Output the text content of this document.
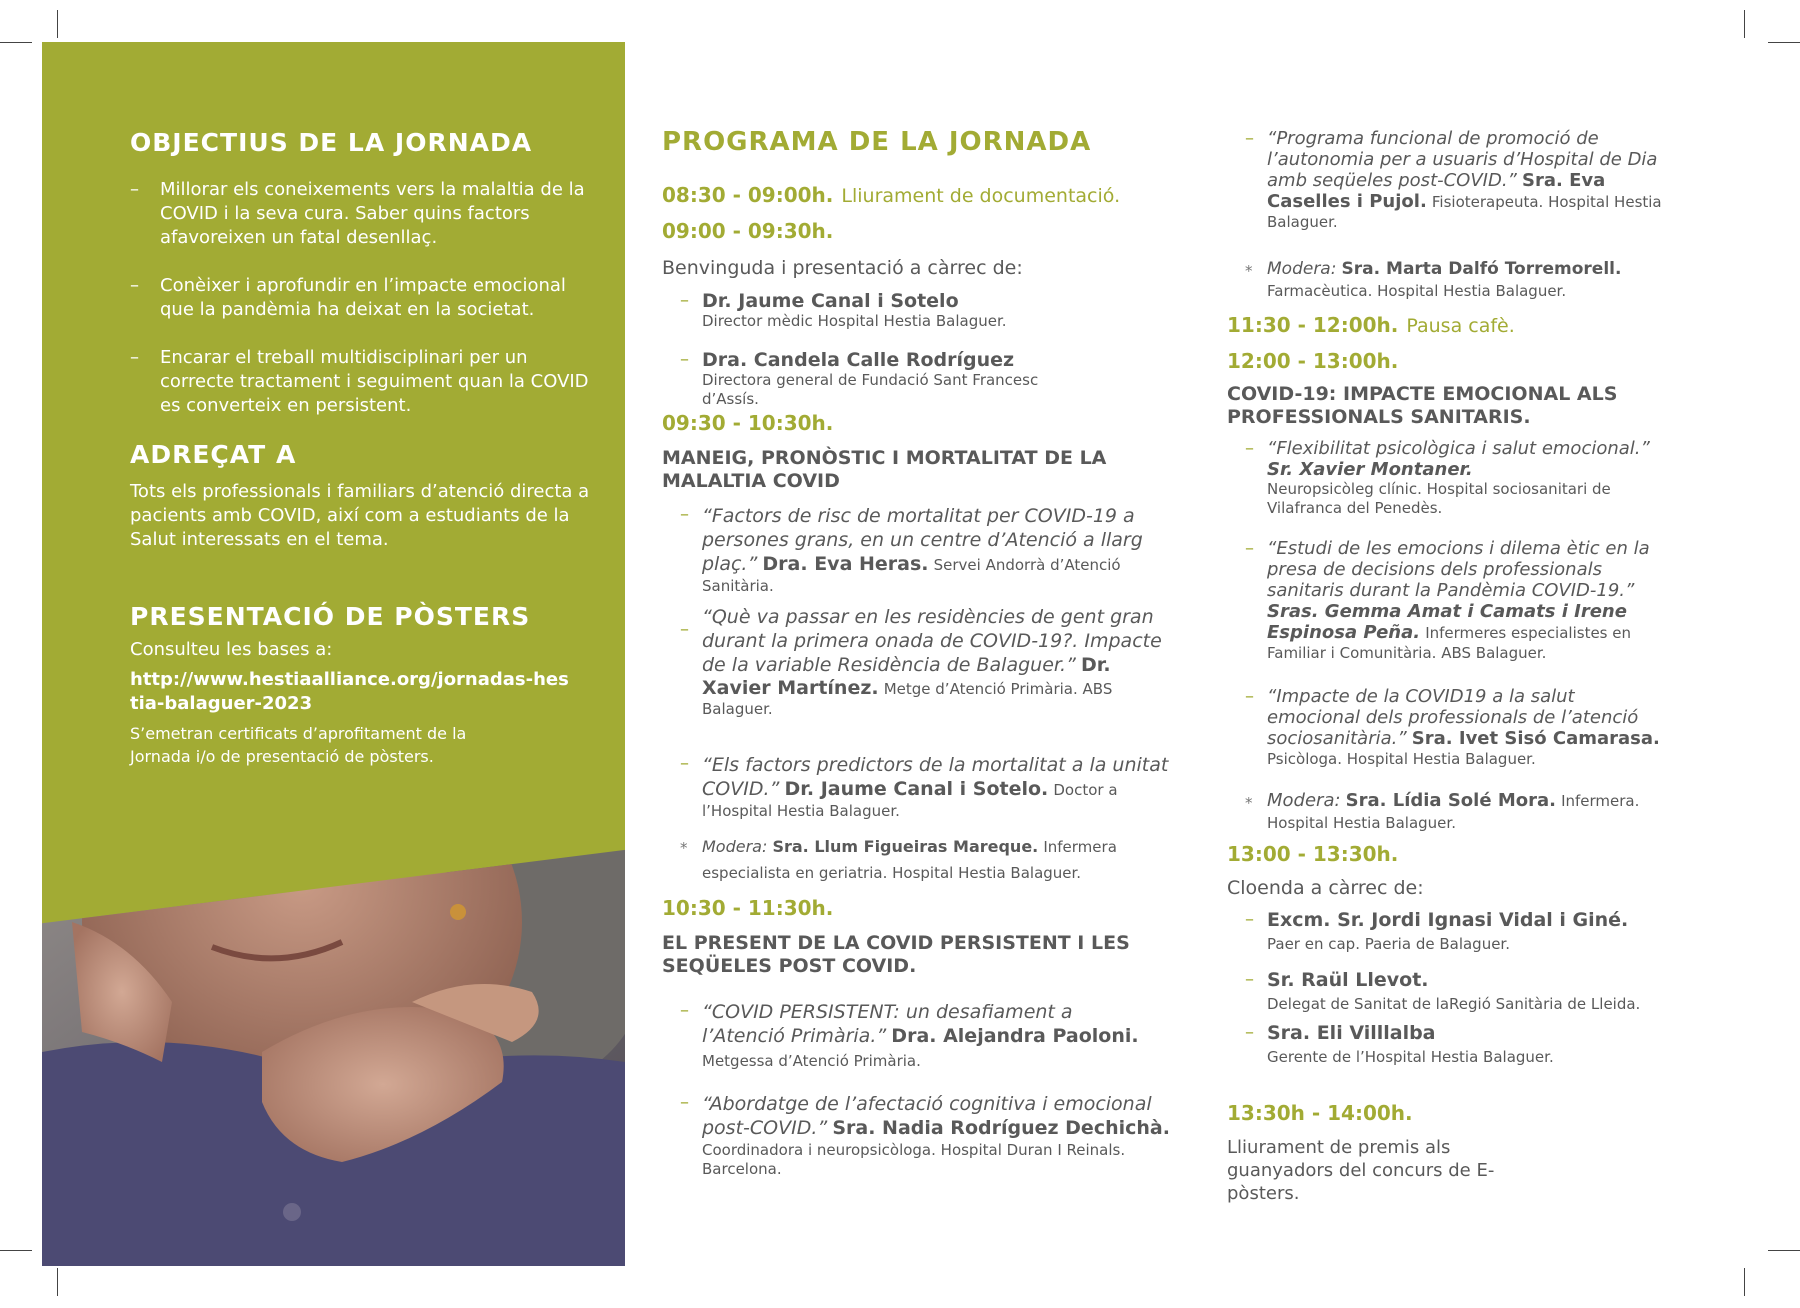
OBJECTIUS DE LA JORNADA
– Millorar els coneixements vers la malaltia de la COVID i la seva cura. Saber quins factors afavoreixen un fatal desenllaç.
– Conèixer i aprofundir en l’impacte emocional que la pandèmia ha deixat en la societat.
– Encarar el treball multidisciplinari per un correcte tractament i seguiment quan la COVID es converteix en persistent.
ADREÇAT A
Tots els professionals i familiars d’atenció directa a pacients amb COVID, així com a estudiants de la Salut interessats en el tema.
PRESENTACIÓ DE PÒSTERS
Consulteu les bases a:
http://www.hestiaalliance.org/jornadas-hestia-balaguer-2023
S’emetran certificats d’aprofitament de la Jornada i/o de presentació de pòsters.
PROGRAMA DE LA JORNADA
08:30 - 09:00h. Lliurament de documentació.
09:00 - 09:30h.
Benvinguda i presentació a càrrec de:
– Dr. Jaume Canal i Sotelo
Director mèdic Hospital Hestia Balaguer.
– Dra. Candela Calle Rodríguez
Directora general de Fundació Sant Francesc d’Assís.
09:30 - 10:30h.
MANEIG, PRONÒSTIC I MORTALITAT DE LA MALALTIA COVID
– “Factors de risc de mortalitat per COVID-19 a persones grans, en un centre d’Atenció a llarg plaç.” Dra. Eva Heras. Servei Andorrà d’Atenció Sanitària.
–
“Què va passar en les residències de gent gran durant la primera onada de COVID-19?. Impacte de la variable Residència de Balaguer.” Dr. Xavier Martínez. Metge d’Atenció Primària. ABS Balaguer.
– “Els factors predictors de la mortalitat a la unitat COVID.” Dr. Jaume Canal i Sotelo. Doctor a l’Hospital Hestia Balaguer.
* Modera: Sra. Llum Figueiras Mareque. Infermera especialista en geriatria. Hospital Hestia Balaguer.
10:30 - 11:30h.
EL PRESENT DE LA COVID PERSISTENT I LES SEQÜELES POST COVID.
– “COVID PERSISTENT: un desafiament a l’Atenció Primària.” Dra. Alejandra Paoloni.
Metgessa d’Atenció Primària.
– “Abordatge de l’afectació cognitiva i emocional post-COVID.” Sra. Nadia Rodríguez Dechichà. Coordinadora i neuropsicòloga. Hospital Duran I Reinals. Barcelona.
– “Programa funcional de promoció de l’autonomia per a usuaris d’Hospital de Dia amb seqüeles post-COVID.” Sra. Eva Caselles i Pujol. Fisioterapeuta. Hospital Hestia Balaguer.
* Modera: Sra. Marta Dalfó Torremorell. Farmacèutica. Hospital Hestia Balaguer.
11:30 - 12:00h. Pausa cafè.
12:00 - 13:00h.
COVID-19: IMPACTE EMOCIONAL ALS PROFESSIONALS SANITARIS.
– “Flexibilitat psicològica i salut emocional.” Sr. Xavier Montaner.
Neuropsicòleg clínic. Hospital sociosanitari de Vilafranca del Penedès.
– “Estudi de les emocions i dilema ètic en la presa de decisions dels professionals sanitaris durant la Pandèmia COVID-19.” Sras. Gemma Amat i Camats i Irene Espinosa Peña. Infermeres especialistes en Familiar i Comunitària. ABS Balaguer.
– “Impacte de la COVID19 a la salut emocional dels professionals de l’atenció sociosanitària.” Sra. Ivet Sisó Camarasa. Psicòloga. Hospital Hestia Balaguer.
* Modera: Sra. Lídia Solé Mora. Infermera. Hospital Hestia Balaguer.
13:00 - 13:30h.
Cloenda a càrrec de:
– Excm. Sr. Jordi Ignasi Vidal i Giné.
Paer en cap. Paeria de Balaguer.
– Sr. Raül Llevot.
Delegat de Sanitat de laRegió Sanitària de Lleida.
– Sra. Eli Villlalba
Gerente de l’Hospital Hestia Balaguer.
13:30h - 14:00h.
Lliurament de premis als guanyadors del concurs de E-pòsters.
